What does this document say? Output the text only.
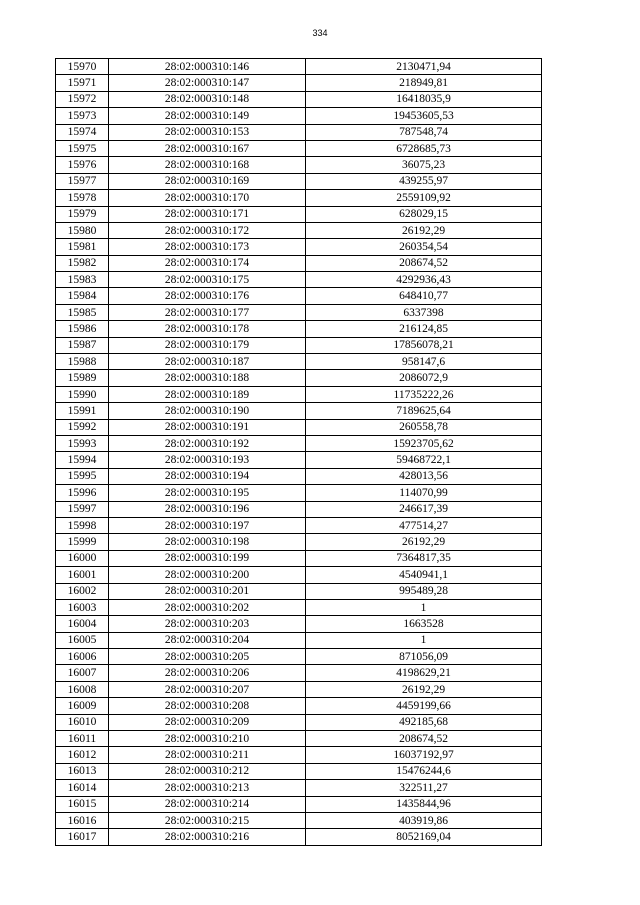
334
15970	28:02:000310:146	2130471,94
15971	28:02:000310:147	218949,81
15972	28:02:000310:148	16418035,9
15973	28:02:000310:149	19453605,53
15974	28:02:000310:153	787548,74
15975	28:02:000310:167	6728685,73
15976	28:02:000310:168	36075,23
15977	28:02:000310:169	439255,97
15978	28:02:000310:170	2559109,92
15979	28:02:000310:171	628029,15
15980	28:02:000310:172	26192,29
15981	28:02:000310:173	260354,54
15982	28:02:000310:174	208674,52
15983	28:02:000310:175	4292936,43
15984	28:02:000310:176	648410,77
15985	28:02:000310:177	6337398
15986	28:02:000310:178	216124,85
15987	28:02:000310:179	17856078,21
15988	28:02:000310:187	958147,6
15989	28:02:000310:188	2086072,9
15990	28:02:000310:189	11735222,26
15991	28:02:000310:190	7189625,64
15992	28:02:000310:191	260558,78
15993	28:02:000310:192	15923705,62
15994	28:02:000310:193	59468722,1
15995	28:02:000310:194	428013,56
15996	28:02:000310:195	114070,99
15997	28:02:000310:196	246617,39
15998	28:02:000310:197	477514,27
15999	28:02:000310:198	26192,29
16000	28:02:000310:199	7364817,35
16001	28:02:000310:200	4540941,1
16002	28:02:000310:201	995489,28
16003	28:02:000310:202	1
16004	28:02:000310:203	1663528
16005	28:02:000310:204	1
16006	28:02:000310:205	871056,09
16007	28:02:000310:206	4198629,21
16008	28:02:000310:207	26192,29
16009	28:02:000310:208	4459199,66
16010	28:02:000310:209	492185,68
16011	28:02:000310:210	208674,52
16012	28:02:000310:211	16037192,97
16013	28:02:000310:212	15476244,6
16014	28:02:000310:213	322511,27
16015	28:02:000310:214	1435844,96
16016	28:02:000310:215	403919,86
16017	28:02:000310:216	8052169,04
